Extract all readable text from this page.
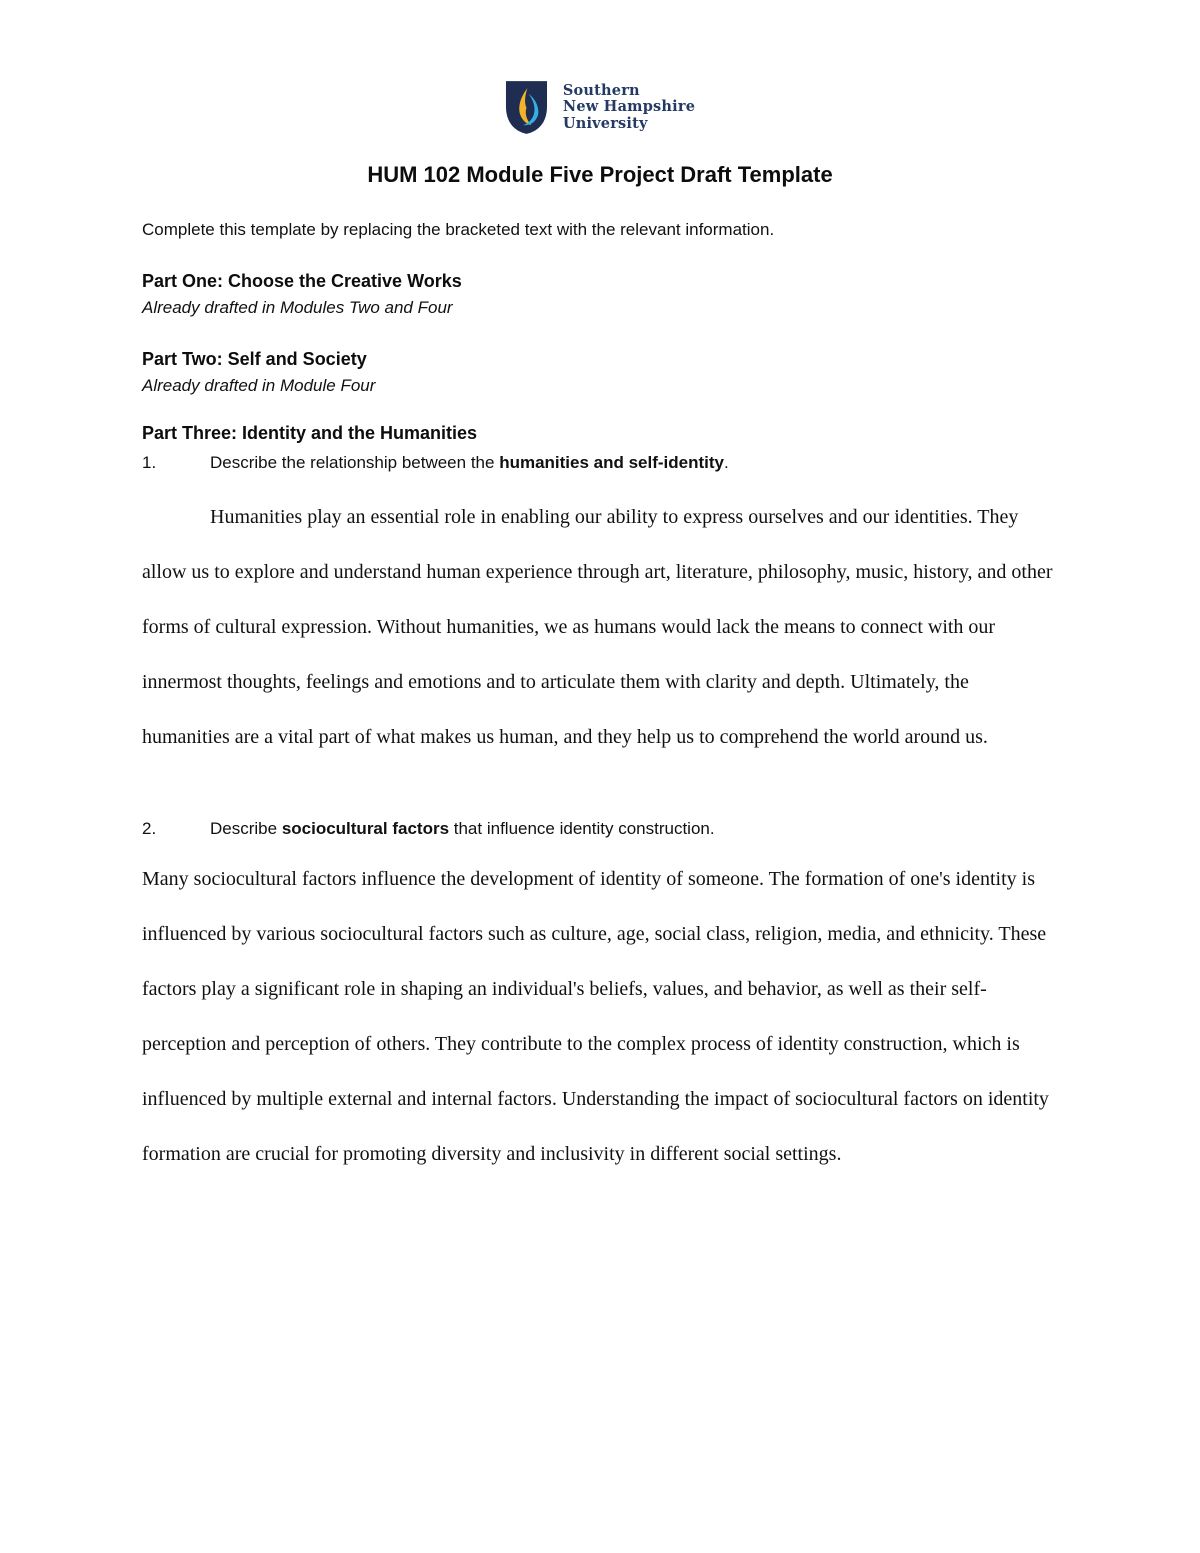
Southern
New Hampshire
University
HUM 102 Module Five Project Draft Template

Complete this template by replacing the bracketed text with the relevant information.

Part One: Choose the Creative Works
Already drafted in Modules Two and Four
Part Two: Self and Society
Already drafted in Module Four
Part Three: Identity and the Humanities
1.	Describe the relationship between the humanities and self-identity.

Humanities play an essential role in enabling our ability to express ourselves and our identities. They allow us to explore and understand human experience through art, literature, philosophy, music, history, and other forms of cultural expression. Without humanities, we as humans would lack the means to connect with our innermost thoughts, feelings and emotions and to articulate them with clarity and depth. Ultimately, the humanities are a vital part of what makes us human, and they help us to comprehend the world around us.

2.	Describe sociocultural factors that influence identity construction.

Many sociocultural factors influence the development of identity of someone. The formation of one's identity is influenced by various sociocultural factors such as culture, age, social class, religion, media, and ethnicity. These factors play a significant role in shaping an individual's beliefs, values, and behavior, as well as their self-perception and perception of others. They contribute to the complex process of identity construction, which is influenced by multiple external and internal factors. Understanding the impact of sociocultural factors on identity formation are crucial for promoting diversity and inclusivity in different social settings.
